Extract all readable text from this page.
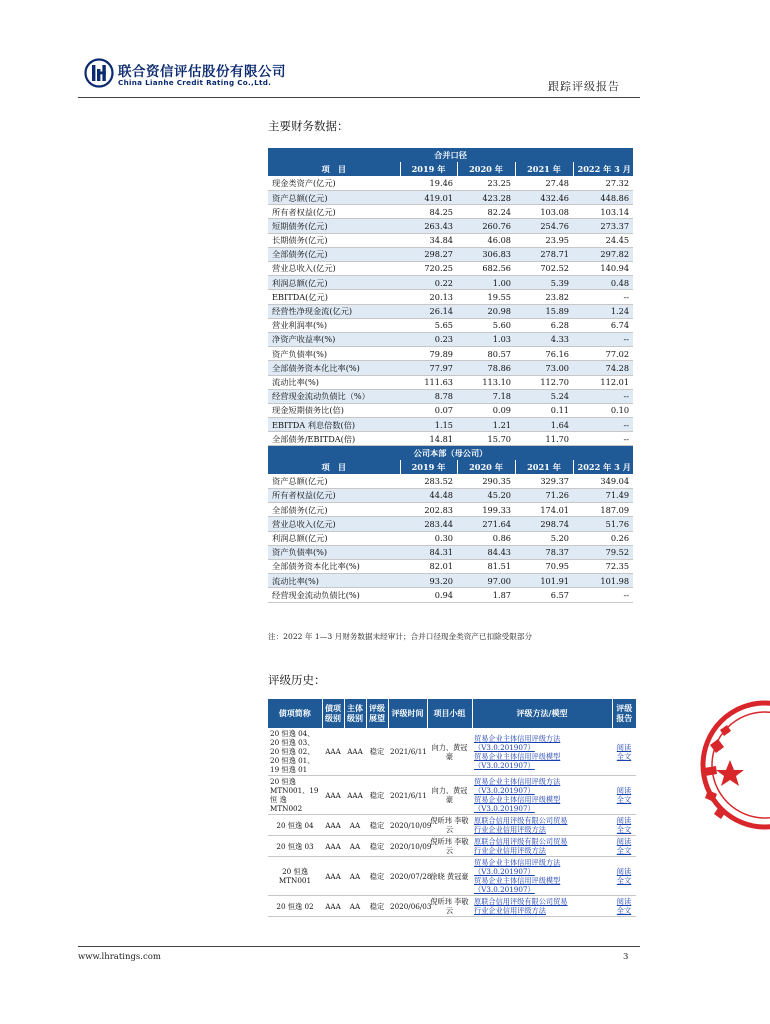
联合资信评估股份有限公司
China Lianhe Credit Rating Co.,Ltd.	跟踪评级报告
主要财务数据：
合并口径				
项　目	2019 年	2020 年	2021 年	2022 年 3 月
现金类资产(亿元)	19.46	23.25	27.48	27.32
资产总额(亿元)	419.01	423.28	432.46	448.86
所有者权益(亿元)	84.25	82.24	103.08	103.14
短期债务(亿元)	263.43	260.76	254.76	273.37
长期债务(亿元)	34.84	46.08	23.95	24.45
全部债务(亿元)	298.27	306.83	278.71	297.82
营业总收入(亿元)	720.25	682.56	702.52	140.94
利润总额(亿元)	0.22	1.00	5.39	0.48
EBITDA(亿元)	20.13	19.55	23.82	--
经营性净现金流(亿元)	26.14	20.98	15.89	1.24
营业利润率(%)	5.65	5.60	6.28	6.74
净资产收益率(%)	0.23	1.03	4.33	--
资产负债率(%)	79.89	80.57	76.16	77.02
全部债务资本化比率(%)	77.97	78.86	73.00	74.28
流动比率(%)	111.63	113.10	112.70	112.01
经营现金流动负债比（%）	8.78	7.18	5.24	--
现金短期债务比(倍)	0.07	0.09	0.11	0.10
EBITDA 利息倍数(倍)	1.15	1.21	1.64	--
全部债务/EBITDA(倍)	14.81	15.70	11.70	--
公司本部（母公司）				
项　目	2019 年	2020 年	2021 年	2022 年 3 月
资产总额(亿元)	283.52	290.35	329.37	349.04
所有者权益(亿元)	44.48	45.20	71.26	71.49
全部债务(亿元)	202.83	199.33	174.01	187.09
营业总收入(亿元)	283.44	271.64	298.74	51.76
利润总额(亿元)	0.30	0.86	5.20	0.26
资产负债率(%)	84.31	84.43	78.37	79.52
全部债务资本化比率(%)	82.01	81.51	70.95	72.35
流动比率(%)	93.20	97.00	101.91	101.98
经营现金流动负债比(%)	0.94	1.87	6.57	--
注：2022 年 1—3 月财务数据未经审计；合并口径现金类资产已扣除受限部分
评级历史：
债项简称	债项级别	主体级别	评级展望	评级时间	项目小组	评级方法/模型	评级报告

20 恒逸 04、
20 恒逸 03、
20 恒逸 02、
20 恒逸 01、
19 恒逸 01	AAA	AAA	稳定	2021/6/11	向力、黄冠豪	贸易企业主体信用评级方法
（V3.0.201907）
贸易企业主体信用评级模型
（V3.0.201907）	阅读全文

20 恒逸
MTN001、19
恒 逸
MTN002	AAA	AAA	稳定	2021/6/11	向力、黄冠豪	贸易企业主体信用评级方法
（V3.0.201907）
贸易企业主体信用评级模型
（V3.0.201907）	阅读全文

20 恒逸 04	AAA	AA	稳定	2020/10/09	倪昕玮 李敬云	原联合信用评级有限公司贸易
行业企业信用评级方法	阅读全文

20 恒逸 03	AAA	AA	稳定	2020/10/09	倪昕玮 李敬云	原联合信用评级有限公司贸易
行业企业信用评级方法	阅读全文

20 恒逸
MTN001	AAA	AA	稳定	2020/07/28	徐晓 黄冠豪	贸易企业主体信用评级方法
（V3.0.201907）
贸易企业主体信用评级模型
（V3.0.201907）	阅读全文

20 恒逸 02	AAA	AA	稳定	2020/06/03	倪昕玮 李敬云	原联合信用评级有限公司贸易
行业企业信用评级方法	阅读全文
www.lhratings.com	3
